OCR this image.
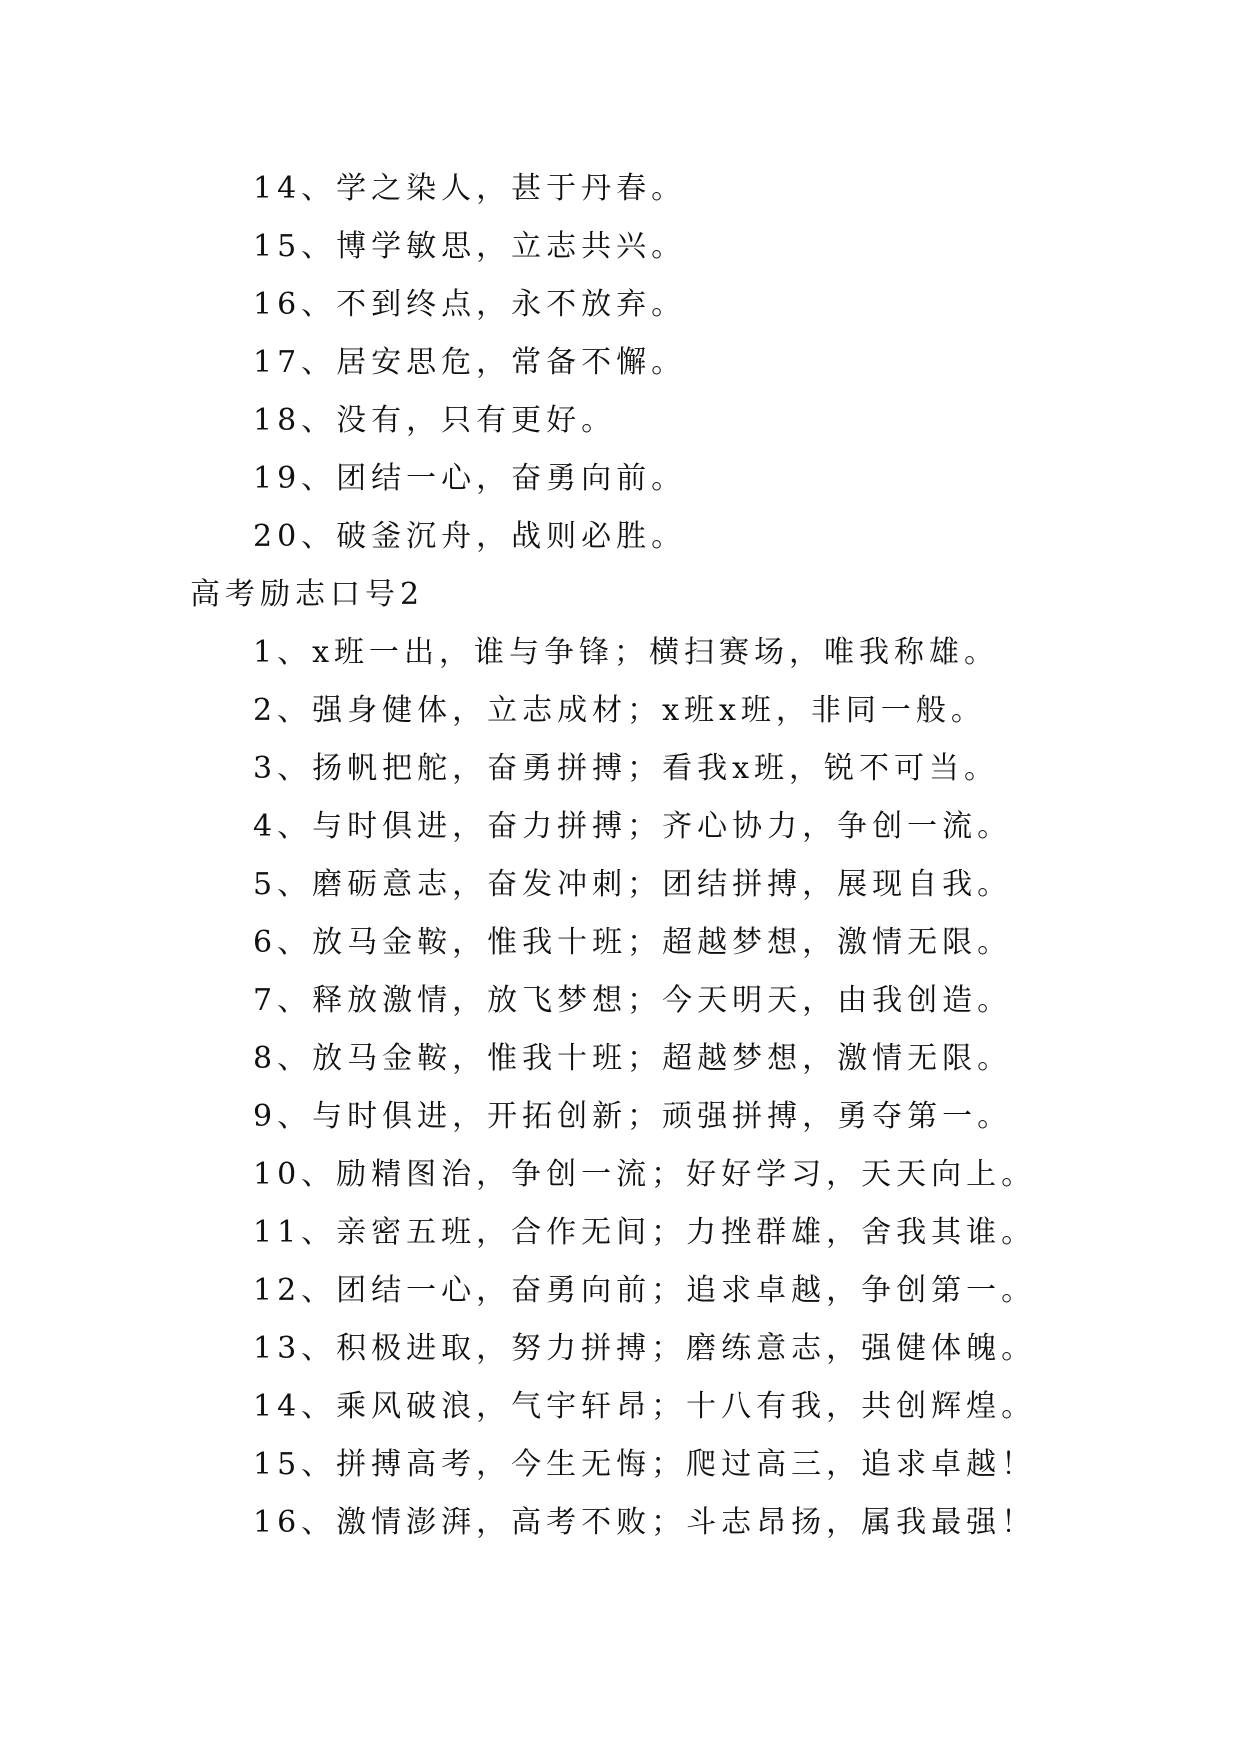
14、学之染人，甚于丹春。
15、博学敏思，立志共兴。
16、不到终点，永不放弃。
17、居安思危，常备不懈。
18、没有，只有更好。
19、团结一心，奋勇向前。
20、破釜沉舟，战则必胜。
高考励志口号2
1、x班一出，谁与争锋；横扫赛场，唯我称雄。
2、强身健体，立志成材；x班x班，非同一般。
3、扬帆把舵，奋勇拼搏；看我x班，锐不可当。
4、与时俱进，奋力拼搏；齐心协力，争创一流。
5、磨砺意志，奋发冲刺；团结拼搏，展现自我。
6、放马金鞍，惟我十班；超越梦想，激情无限。
7、释放激情，放飞梦想；今天明天，由我创造。
8、放马金鞍，惟我十班；超越梦想，激情无限。
9、与时俱进，开拓创新；顽强拼搏，勇夺第一。
10、励精图治，争创一流；好好学习，天天向上。
11、亲密五班，合作无间；力挫群雄，舍我其谁。
12、团结一心，奋勇向前；追求卓越，争创第一。
13、积极进取，努力拼搏；磨练意志，强健体魄。
14、乘风破浪，气宇轩昂；十八有我，共创辉煌。
15、拼搏高考，今生无悔；爬过高三，追求卓越！
16、激情澎湃，高考不败；斗志昂扬，属我最强！
